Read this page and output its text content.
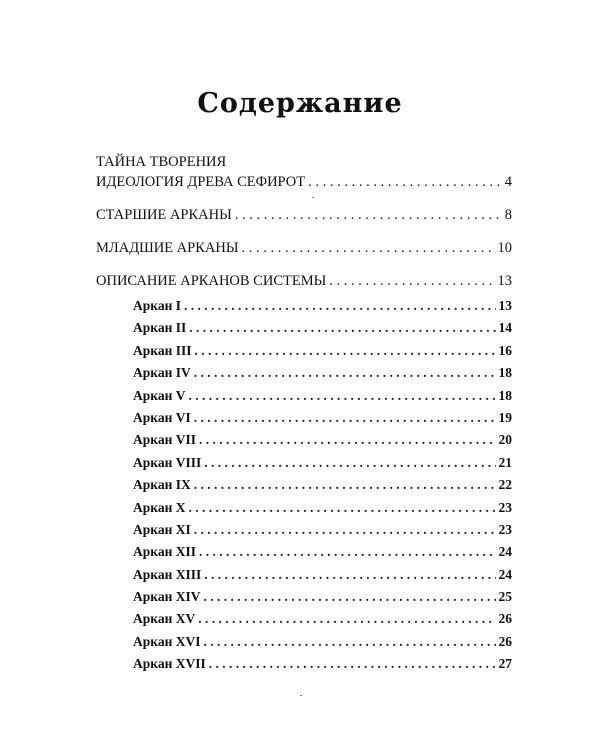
Содержание
ТАЙНА ТВОРЕНИЯ
ИДЕОЛОГИЯ ДРЕВА СЕФИРОТ . . .	4
СТАРШИЕ АРКАНЫ . . .	8
МЛАДШИЕ АРКАНЫ . . .	10
ОПИСАНИЕ АРКАНОВ СИСТЕМЫ . . .	13
Аркан I . . .	13
Аркан II . . .	14
Аркан III . . .	16
Аркан IV . . .	18
Аркан V . . .	18
Аркан VI . . .	19
Аркан VII . . .	20
Аркан VIII . . .	21
Аркан IX . . .	22
Аркан X . . .	23
Аркан XI . . .	23
Аркан XII . . .	24
Аркан XIII . . .	24
Аркан XIV . . .	25
Аркан XV . . .	26
Аркан XVI . . .	26
Аркан XVII . . .	27
